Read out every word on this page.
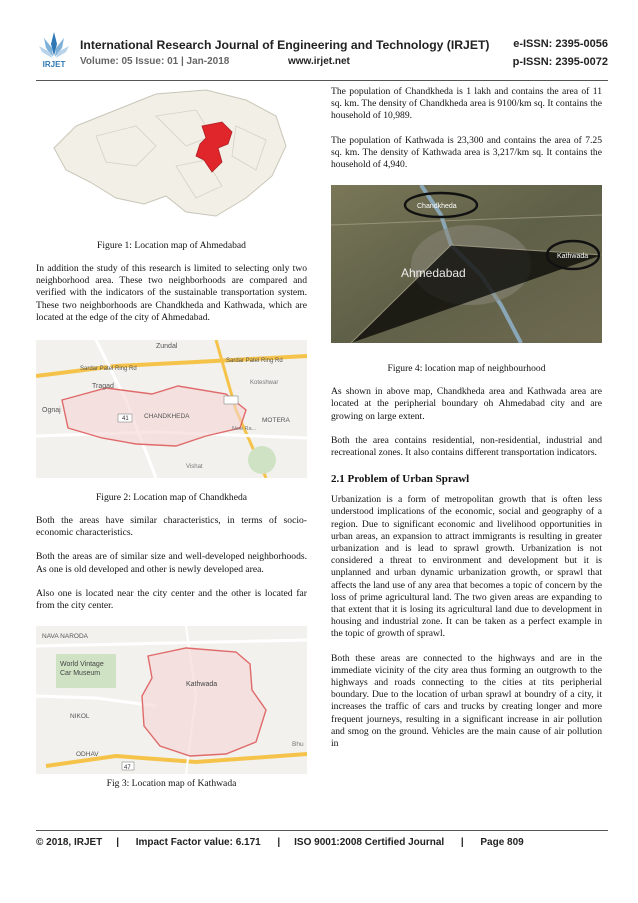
IRJET
International Research Journal of Engineering and Technology (IRJET) e-ISSN: 2395-0056
Volume: 05 Issue: 01 | Jan-2018	www.irjet.net	p-ISSN: 2395-0072

Figure 1: Location map of Ahmedabad

In addition the study of this research is limited to selecting only two neighborhood area. These two neighborhoods are compared and verified with the indicators of the sustainable transportation system. These two neighborhoods are Chandkheda and Kathwada, which are located at the edge of the city of Ahmedabad.

Zundal
Sardar Patel Ring Rd
Sardar Patel Ring Rd
Tragad
Ognaj
CHANDKHEDA
41	MOTERA
New Ra...
Koteshwar
Vishat

Figure 2: Location map of Chandkheda

Both the areas have similar characteristics, in terms of socio-economic characteristics.

Both the areas are of similar size and well-developed neighborhoods. As one is old developed and other is newly developed area.

Also one is located near the city center and the other is located far from the city center.

NAVA NARODA
World Vintage
Car Museum
Kathwada
NIKOL
ODHAV
47
Bhu

Fig 3: Location map of Kathwada

The population of Chandkheda is 1 lakh and contains the area of 11 sq. km. The density of Chandkheda area is 9100/km sq. It contains the household of 10,989.

The population of Kathwada is 23,300 and contains the area of 7.25 sq. km. The density of Kathwada area is 3,217/km sq. It contains the household of 4,940.

Chandkheda
Kathwada
Ahmedabad

Figure 4: location map of neighbourhood

As shown in above map, Chandkheda area and Kathwada area are located at the peripherial boundary oh Ahmedabad city and are growing on large extent.

Both the area contains residential, non-residential, industrial and recreational zones. It also contains different transportation indicators.

2.1 Problem of Urban Sprawl

Urbanization is a form of metropolitan growth that is often less understood implications of the economic, social and geography of a region. Due to significant economic and livelihood opportunities in urban areas, an expansion to attract immigrants is resulting in greater urbanization and is lead to sprawl growth. Urbanization is not considered a threat to environment and development but it is unplanned and urban dynamic urbanization growth, or sprawl that affects the land use of any area that becomes a topic of concern by the loss of prime agricultural land. The two given areas are expanding to that extent that it is losing its agricultural land due to development in housing and industrial zone. It can be taken as a perfect example in the topic of growth of sprawl.

Both these areas are connected to the highways and are in the immediate vicinity of the city area thus forming an outgrowth to the highways and roads connecting to the cities at tits peripherial boundary. Due to the location of urban sprawl at boundry of a city, it increases the traffic of cars and trucks by creating longer and more frequent journeys, resulting in a significant increase in air pollution and smog on the ground. Vehicles are the main cause of air pollution in

© 2018, IRJET | Impact Factor value: 6.171 | ISO 9001:2008 Certified Journal | Page 809
